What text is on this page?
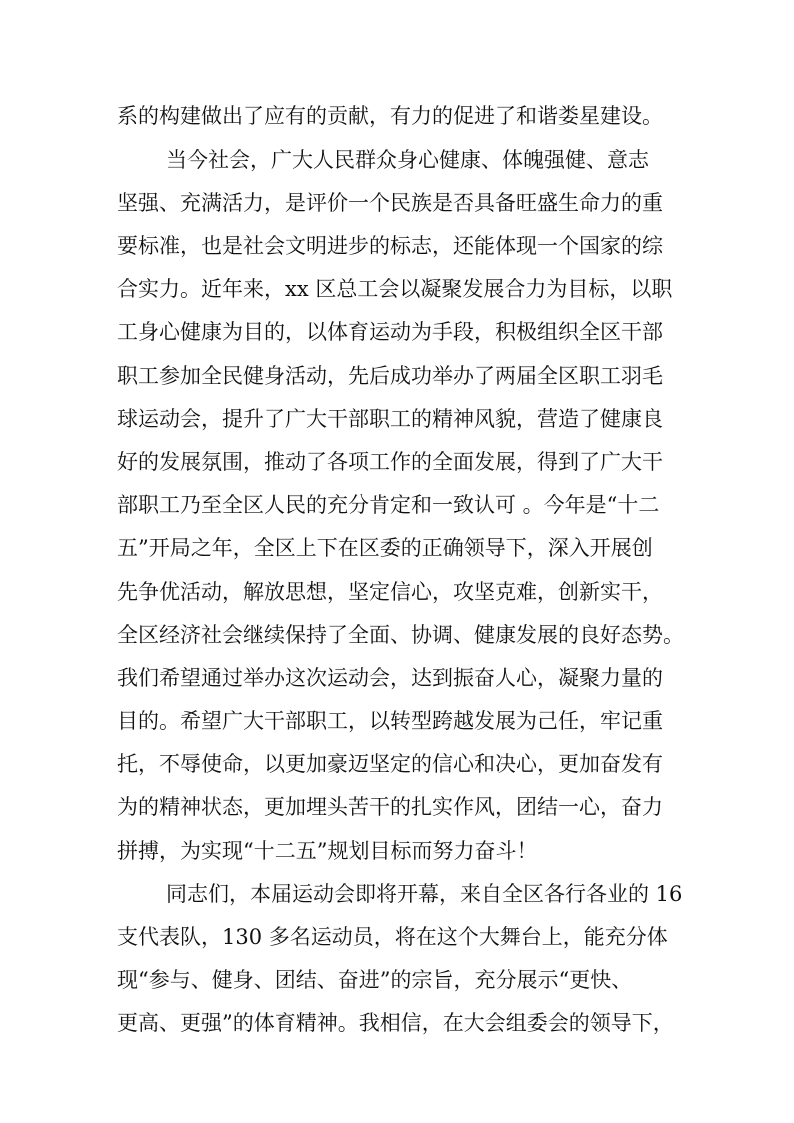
系的构建做出了应有的贡献，有力的促进了和谐娄星建设。
当今社会，广大人民群众身心健康、体魄强健、意志
坚强、充满活力，是评价一个民族是否具备旺盛生命力的重
要标准，也是社会文明进步的标志，还能体现一个国家的综
合实力。近年来，xx 区总工会以凝聚发展合力为目标，以职
工身心健康为目的，以体育运动为手段，积极组织全区干部
职工参加全民健身活动，先后成功举办了两届全区职工羽毛
球运动会，提升了广大干部职工的精神风貌，营造了健康良
好的发展氛围，推动了各项工作的全面发展，得到了广大干
部职工乃至全区人民的充分肯定和一致认可 。今年是“十二
五”开局之年，全区上下在区委的正确领导下，深入开展创
先争优活动，解放思想，坚定信心，攻坚克难，创新实干，
全区经济社会继续保持了全面、协调、健康发展的良好态势。
我们希望通过举办这次运动会，达到振奋人心，凝聚力量的
目的。希望广大干部职工，以转型跨越发展为己任，牢记重
托，不辱使命，以更加豪迈坚定的信心和决心，更加奋发有
为的精神状态，更加埋头苦干的扎实作风，团结一心，奋力
拼搏，为实现“十二五”规划目标而努力奋斗！
同志们，本届运动会即将开幕，来自全区各行各业的 16
支代表队，130 多名运动员，将在这个大舞台上，能充分体
现“参与、健身、团结、奋进”的宗旨，充分展示“更快、
更高、更强”的体育精神。我相信，在大会组委会的领导下，
